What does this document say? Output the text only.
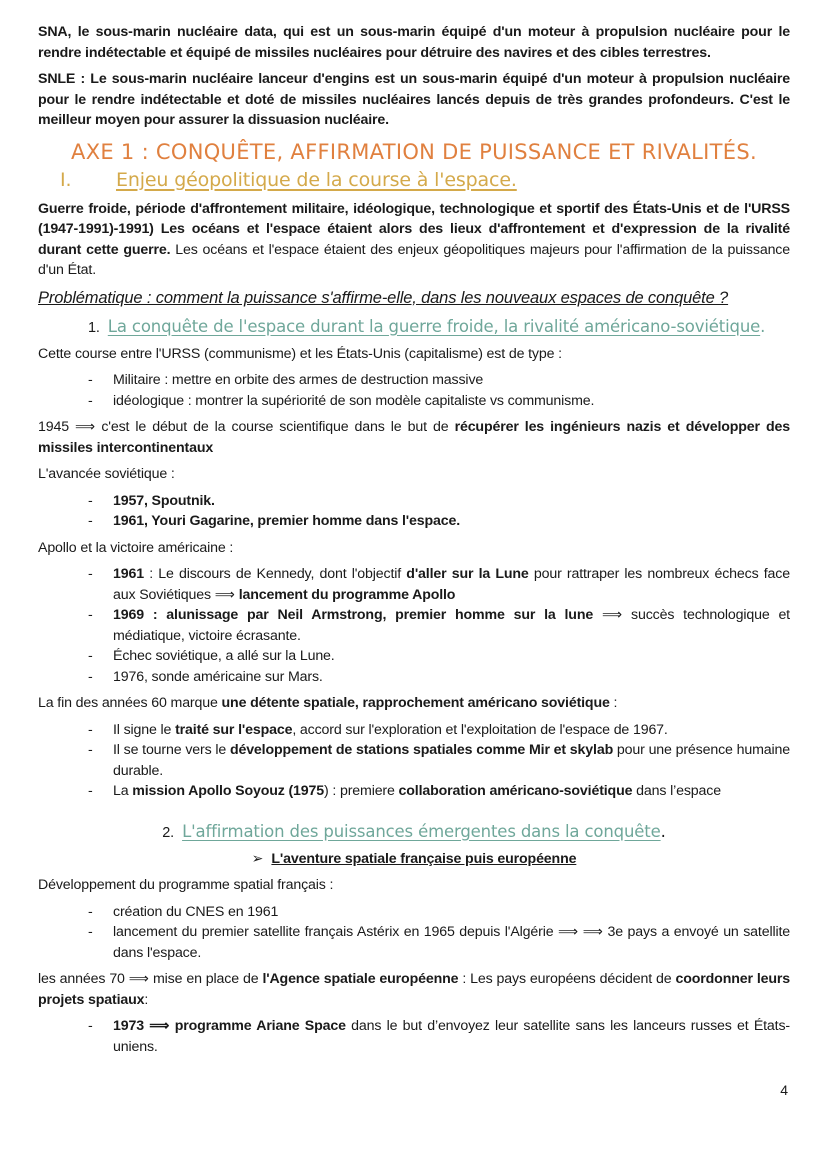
SNA, le sous-marin nucléaire data, qui est un sous-marin équipé d'un moteur à propulsion nucléaire pour le rendre indétectable et équipé de missiles nucléaires pour détruire des navires et des cibles terrestres.

SNLE : Le sous-marin nucléaire lanceur d'engins est un sous-marin équipé d'un moteur à propulsion nucléaire pour le rendre indétectable et doté de missiles nucléaires lancés depuis de très grandes profondeurs. C'est le meilleur moyen pour assurer la dissuasion nucléaire.

AXE 1 : CONQUÊTE, AFFIRMATION DE PUISSANCE ET RIVALITÉS.
I.	Enjeu géopolitique de la course à l'espace.

Guerre froide, période d'affrontement militaire, idéologique, technologique et sportif des États-Unis et de l'URSS (1947-1991)-1991) Les océans et l'espace étaient alors des lieux d'affrontement et d'expression de la rivalité durant cette guerre. Les océans et l'espace étaient des enjeux géopolitiques majeurs pour l'affirmation de la puissance d'un État.

Problématique : comment la puissance s'affirme-elle, dans les nouveaux espaces de conquête ?

1. La conquête de l'espace durant la guerre froide, la rivalité américano-soviétique.

Cette course entre l'URSS (communisme) et les États-Unis (capitalisme) est de type :

- Militaire : mettre en orbite des armes de destruction massive
- idéologique : montrer la supériorité de son modèle capitaliste vs communisme.

1945 ⟹ c'est le début de la course scientifique dans le but de récupérer les ingénieurs nazis et développer des missiles intercontinentaux

L'avancée soviétique :

- 1957, Spoutnik.
- 1961, Youri Gagarine, premier homme dans l'espace.

Apollo et la victoire américaine :

- 1961 : Le discours de Kennedy, dont l'objectif d'aller sur la Lune pour rattraper les nombreux échecs face aux Soviétiques ⟹ lancement du programme Apollo
- 1969 : alunissage par Neil Armstrong, premier homme sur la lune ⟹ succès technologique et médiatique, victoire écrasante.
- Échec soviétique, a allé sur la Lune.
- 1976, sonde américaine sur Mars.

La fin des années 60 marque une détente spatiale, rapprochement américano soviétique :

- Il signe le traité sur l'espace, accord sur l'exploration et l'exploitation de l'espace de 1967.
- Il se tourne vers le développement de stations spatiales comme Mir et skylab pour une présence humaine durable.
- La mission Apollo Soyouz (1975) : premiere collaboration américano-soviétique dans l’espace
2. L'affirmation des puissances émergentes dans la conquête.
➢ L'aventure spatiale française puis européenne

Développement du programme spatial français :

- création du CNES en 1961
- lancement du premier satellite français Astérix en 1965 depuis l'Algérie ⟹ ⟹ 3e pays a envoyé un satellite dans l'espace.

les années 70 ⟹ mise en place de l'Agence spatiale européenne : Les pays européens décident de coordonner leurs projets spatiaux:

- 1973 ⟹ programme Ariane Space dans le but d’envoyez leur satellite sans les lanceurs russes et États-uniens.
4
